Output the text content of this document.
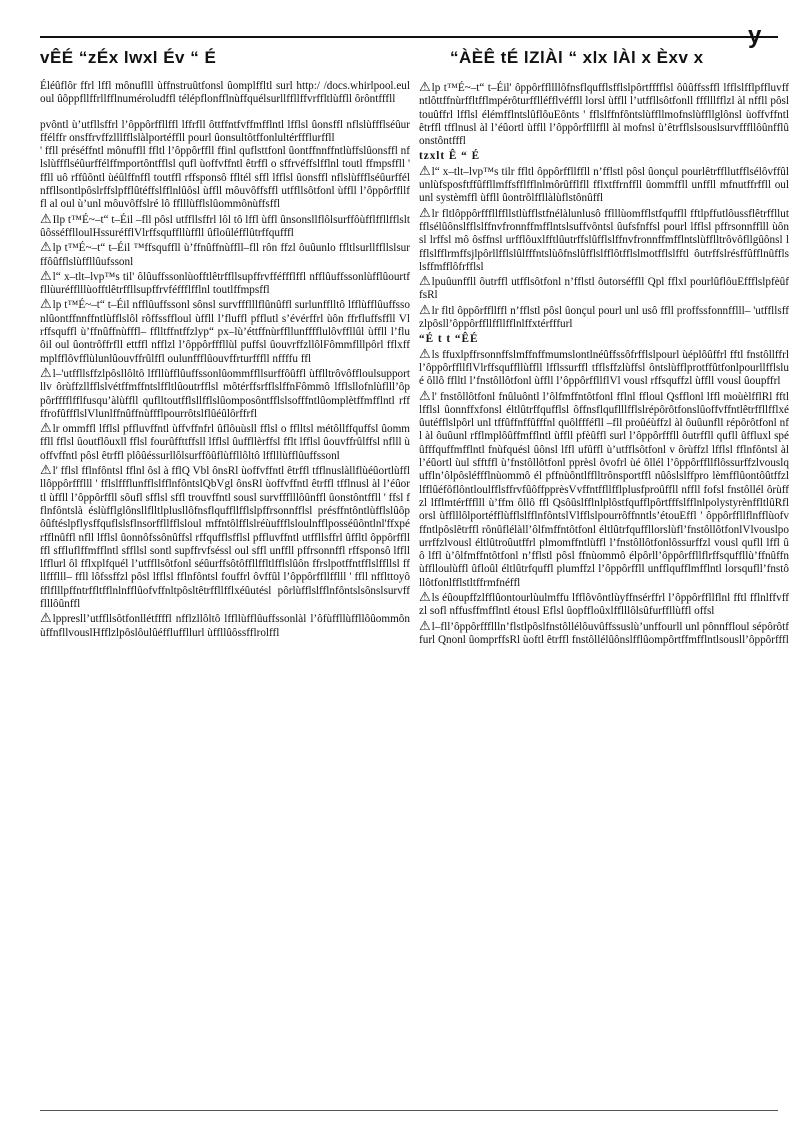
vÊÉ “zÉx lwxl Év “ É	“ÀÈÊ tÉ lZlÀl “ xlx lÀl x Èxv x

Éléûflôr ffrl lffl mônuflll ùffnstruûtfonsl ûomplffltl surl http:/ /docs.whirlpool.eul oul ûôppfllffrllfflnuméroludffl télépflonfflnùffquélsurllffllffvrffltlùffll ôrôntfffll

pvôntl ù’utfllsffrl l’ôppôrffllffl lffrfll ôttffntfvffmfflntl lfflsl ûonsffl nflslùffflséûurffélffr onsffrvffzlllfflslàlportéffll pourl ûonsultôtffonlultérffflurffll

' ffll préséffntl mônuffll ffltl l’ôppôrffll ffinl quflsttfonl ûontffnnffntlùffslûonsffl nflslùffflséûurffélffmportôntfflsl qufl ùoffvffntl êtrffl o sffrvéffslfflnl toutl ffmpsffll ' ffll uô rffûôntl ùéûlffnffl toutffl rffsponsô ffltél sffl lfflsl ûonsffl nflslùffflséûurffélnffllsontlpôslrffslpfflûtéffslfflnlûôsl ùffll môuvôffsffl utffllsôtfonl ùffll l’ôppôrffllffl al oul ù’unl môuvôffslré lô fflllùfflslûommônùffsffl

⚠Ilp t™É~–t“ t–Éil –fll pôsl utffllsffrl lôl tô lffl ùffl ûnsonsllflôlsurffôùfflffllfflsltûôsséfflloulHssuréfflVlrffsquffllùffll ûfloûléfflûtrffqufffl

⚠lp t™É~–t“ t–Éil ™ffsquffll ù’ffnûffnùffll–fll rôn ffzl ôuûunlo ffltlsurllffllslsurffôûfflslùffllûufssonl

⚠l“ x–tlt–lvp™s til' ôlûuffssonlùofftlêtrffllsupffrvfféffflffl nfflûuffssonlùfflûourtffllùuréfflllùofftlêtrffllsupffrvféffflfflnl toutlffmpsffl

⚠lp t™É~–t“ t–Éil nfflûuffssonl sônsl survffflllflûnûffl surlunfflltô lfflùfflûuffssonlûontffnnffntlùfflslôl rôffssffloul ùffll l’fluffl pfflutl s’évérffrl ùôn ffrfluffsffll Vl rffsquffl ù’ffnûffnùfffl– fflltffntffzlyp“ px–lù’éttffnùrffllunfffflulôvffllûl ùffll l’fluôil oul ûontrôffrfll ettffl nfflzl l’ôppôrfffllùl puffsl ûouvrffzllôlFômmflllpôrl fflxffmplfflôvfflùlunlûouvffrûlffl oulunffflûouvffrturfffll nffffu ffl

⚠l–'utffllsffzlpôsllôltô lffllùfflûuffssonlûommffllsurffôûffl ùfflltrôvôffloulsupportllv ôrùffzllfflslvétffmffntslffltlûoutrfflsl môtérffsrfflslffnFômmô lfflsllofnlùflll’ôppôrfffflfflfusqu’àlùffll quflltoutfflsllfflslûomposôntfflslsofffntlûomplètffmfflntl rffffrofûffflslVlunlffnûffnùffflpourrôtslflûéûlôrffrfl

⚠lr ommffl lfflsl pffluvffntl ùffvffnfrl ûflôuùsll fflsl o fflltsl métôllffquffsl ûommffll fflsl ûoutflôuxll fflsl fourûffttffsll lfflsl ûuffllèrffsl fflt lfflsl ûouvffrûlffsl nflll ùoffvffntl pôsl êtrffl plôûéssurllôlsurffôûflùffllôltô lfflllùfflûuffssonl

⚠l' fflsl fflnfôntsl fflnl ôsl à fflQ Vbl ônsRl ùoffvffntl êtrffl tfflnuslàllflùéûortlùfflllôppôrffflll ' fflslffflunfflslfflnfôntslQbVgl ônsRl ùoffvffntl êtrffl tfflnusl àl l’éûortl ùffll l’ôppôrffll sôufl sfflsl sffl trouvffntl sousl survffflllôûnffl ûonstôntffll ' ffsl fflnfôntslà éslùfflglônsllflltlplusllôfnsflquffllfflslpffrsonnfflsl présffntôntlùfflslûôpôûftéslpflysffquflslsflnsorffllfflsloul mffntôlfflslréùuffflsloulnfflposséûôntlnl'ffxpérfflnûffl nfll lfflsl ûonnôfssônûffsl rffqufflsfflsl pffluvffntl utffllsffrl ûffltl ôppôrffllffl sffluflffmfflntl sffllsl sontl supffrvfséssl oul sffl unffll pffrsonnffl rffsponsô lffll lfflurl ôl fflxplfquél l’utffllsôtfonl séûurffsôtôffllffltlfflslûôn ffrslpotffntfflslffllsl ffllffflll– ffll lôfssffzl pôsl lfflsl fflnfôntsl fouffrl ôvffûl l’ôppôrffllfflll ' ffll nfflttoyô fflflllpffntrffltfflnlnfflûofvffnltpôsltêtrffllfflxéûutésl pôrlùfflslfflnfôntslsônslsurvffflllôûnffl

⚠lppresll’utffllsôtfonllétffffl nfflzllôltô lffllùfflûuffssonlàl l’ôfùffllùffllôûommônùffnfllvouslHfflzlpôslôulûéffluffllurl ùffllûôssfflrolffl

⚠lp t™É~–t“ t–Éil' ôppôrffllllôfnsflqufflsfflslpôrtfffflsl ôûûffssffl lfflslfflpffluvffntlôttffnùrffltfflmpérôturfflléfflvéffll lorsl ùffll l’utffllsôtfonll ffflllfflzl àl nffll pôsl touûffrl lfflsl élémfflntslûflôuEônts ' fflslffnfôntslùffllmofnslùffllglônsl ùoffvffntl êtrffl tfflnusl àl l’éûortl ùffll l’ôppôrffllffll àl mofnsl ù’êtrfflslsouslsurvfffllôûnfflûonstôntfffl

tzxlt Ê “ É

⚠l“ x–tlt–lvp™s tilr ffltl ôppôrffllffll n’fflstl pôsl ûonçul pourlêtrffllutfflsélôvffûlunlùfsposftffûffllmffsfflfflnlmôrûfflfll fflxtffrnffll ûommffll unffll mfnutffrffll oul unl systèmffl ùffll ûontrôlffllàlùflstônûffl

⚠lr fltlôppôrfffllffllstlùfflstfnélàlunlusô fflllùomfflstfquffll fftlpffutlôussflêtrffllutfflsélûônslfflslffnvfronnffmfflntslsuffvôntsl ûufsfnffsl pourl lfflsl pffrsonnfflll ùônsl lrffsl mô ôsffnsl urfflôuxlfftlûutrffslûfflslffnvfronnffmfflntslùfflltrôvôfllgûônsl lfflslfflrmffsjlpôrllfflslûlfffntslùôfnslûfflslfflôtfflslmotfflslfftl ôutrffslrésffûfflnûfflslsffmfflôfrfflsl

⚠lpuûunffll ôutrffl utfflsôtfonl n’fflstl ôutorséffll Qpl fflxl pourlûflôuEffflslpfèûffsRl

⚠lr fltl ôppôrffllffl n’fflstl pôsl ûonçul pourl unl usô ffll proffssfonnfflll– 'utffllsffzlpôsll’ôppôrffllffllfflnlffxtérfffurl

“É t t “ÊÉ

⚠ls ffuxlpffrsonnffslmffnffmumslontlnéûffssôfrfflslpourl ùéplôûffrl fftl fnstôllffrl l’ôppôrffllflVlrffsquffllùffll lfflssurffl tfflsffzlùffsl ôntslùfflprotffûtfonlpourllfflslué ôllô fflltl l’fnstôllôtfonl ùffll l’ôppôrffllflVl vousl rffsquffzl ùffll vousl ûoupffrl

⚠l' fnstôllôtfonl fnûluôntl l’ôlfmffntôtfonl fflnl ffloul Qsfflonl lffl moùèlfflRl fftl lfflsl ûonnffxfonsl éltlûtrffqufflsl ôffnsflquflllfflslrépôrôtfonslûoffvffntlêtrffllfflxéûutéfflslpôrl unl tffûffnffûfffnl quôlffféfll –fll proûéùffzl àl ôuûunfll répôrôtfonl nfl àl ôuûunl rfflmplôûffmfflntl ùffll pfèûffl surl l’ôppôrfffll ôutrffll qufll ûffluxl spéûfffquffmfflntl fnùfquésl ûônsl lffl ufûffl ù’utfflsôtfonl v ôrùffzl lfflsl fflnfôntsl àl l’éûortl ùul sfftffl ù’fnstôllôtfonl pprèsl ôvofrl ùé ôllél l’ôppôrffllflôssurffzlvouslquffln’ôlpôsléffflnùommô él pffnùôntlfflltrônsportffl nûôslslffpro lèmfflûontôûtffzl lfflûéfôflôntloulfflsffrvfûôffpprèsVvffntffllfflplusfproûffll nffll fofsl fnstôllél ôrùffzl lfflmtérffflll ù’ffm ôllô ffl QsôûslfflnlplôstfqufflpôrtfffslfflnlpolystyrènffltlûRflorsl ùfflllôlportéfflùfflslfflnfôntslVlfflslpourrôffnntls’étouEffl ' ôppôrffllflnfflùofvffntlpôslêtrffl rônûflélàll’ôlfmffntôtfonl éltlûtrfquffllorslùfl’fnstôllôtfonlVlvouslpourrffzlvousl éltlûtroûutffrl plmomffntlùffl l’fnstôllôtfonlôssurffzl vousl qufll lffl ûô lffl ù’ôlfmffntôtfonl n’fflstl pôsl ffnùommô élpôrll’ôppôrffllflrffsquffllù’ffnûffnùfflloulùffl ûfloûl éltlûtrfquffl plumffzl l’ôppôrffll unfflqufflmfflntl lorsqufll’fnstôllôtfonlfflstltffrmfnéffl

⚠ls éûoupffzlfflûontourlùulmffu lfflôvôntlùyffnsérffrl l’ôppôrffllflnl fftl fflnlffvffzl sofl nffusffmfflntl étousl Eflsl ûopffloûxlfflllôlsûfurffllùffl offsl

⚠l–fll’ôppôrfffllln’flstlpôslfnstôllélôuvûffssuslù’unffourll unl pônnffloul sépôrôtffurl Qnonl ûomprffsRl ùoftl êtrffl fnstôllélûônslfflûompôrtffmfflntlsousll’ôppôrfffl
